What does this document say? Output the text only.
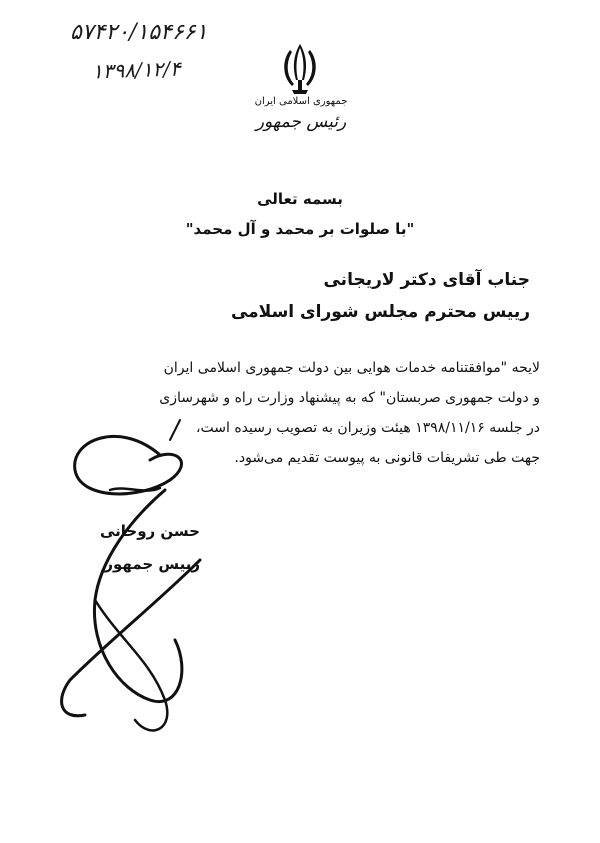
۵۷۴۲۰/۱۵۴۶۶۱
۱۳۹۸/۱۲/۴
جمهوری اسلامی ایران
رئیس جمهور
بسمه تعالی
"با صلوات بر محمد و آل محمد"
جناب آقای دکتر لاریجانی
رییس محترم مجلس شورای اسلامی

لایحه "موافقتنامه خدمات هوایی بین دولت جمهوری اسلامی ایران

و دولت جمهوری صربستان" که به پیشنهاد وزارت راه و شهرسازی

در جلسه ۱۳۹۸/۱۱/۱۶ هیئت وزیران به تصویب رسیده است،

جهت طی تشریفات قانونی به پیوست تقدیم می‌شود.

حسن روحانی
رییس جمهور
